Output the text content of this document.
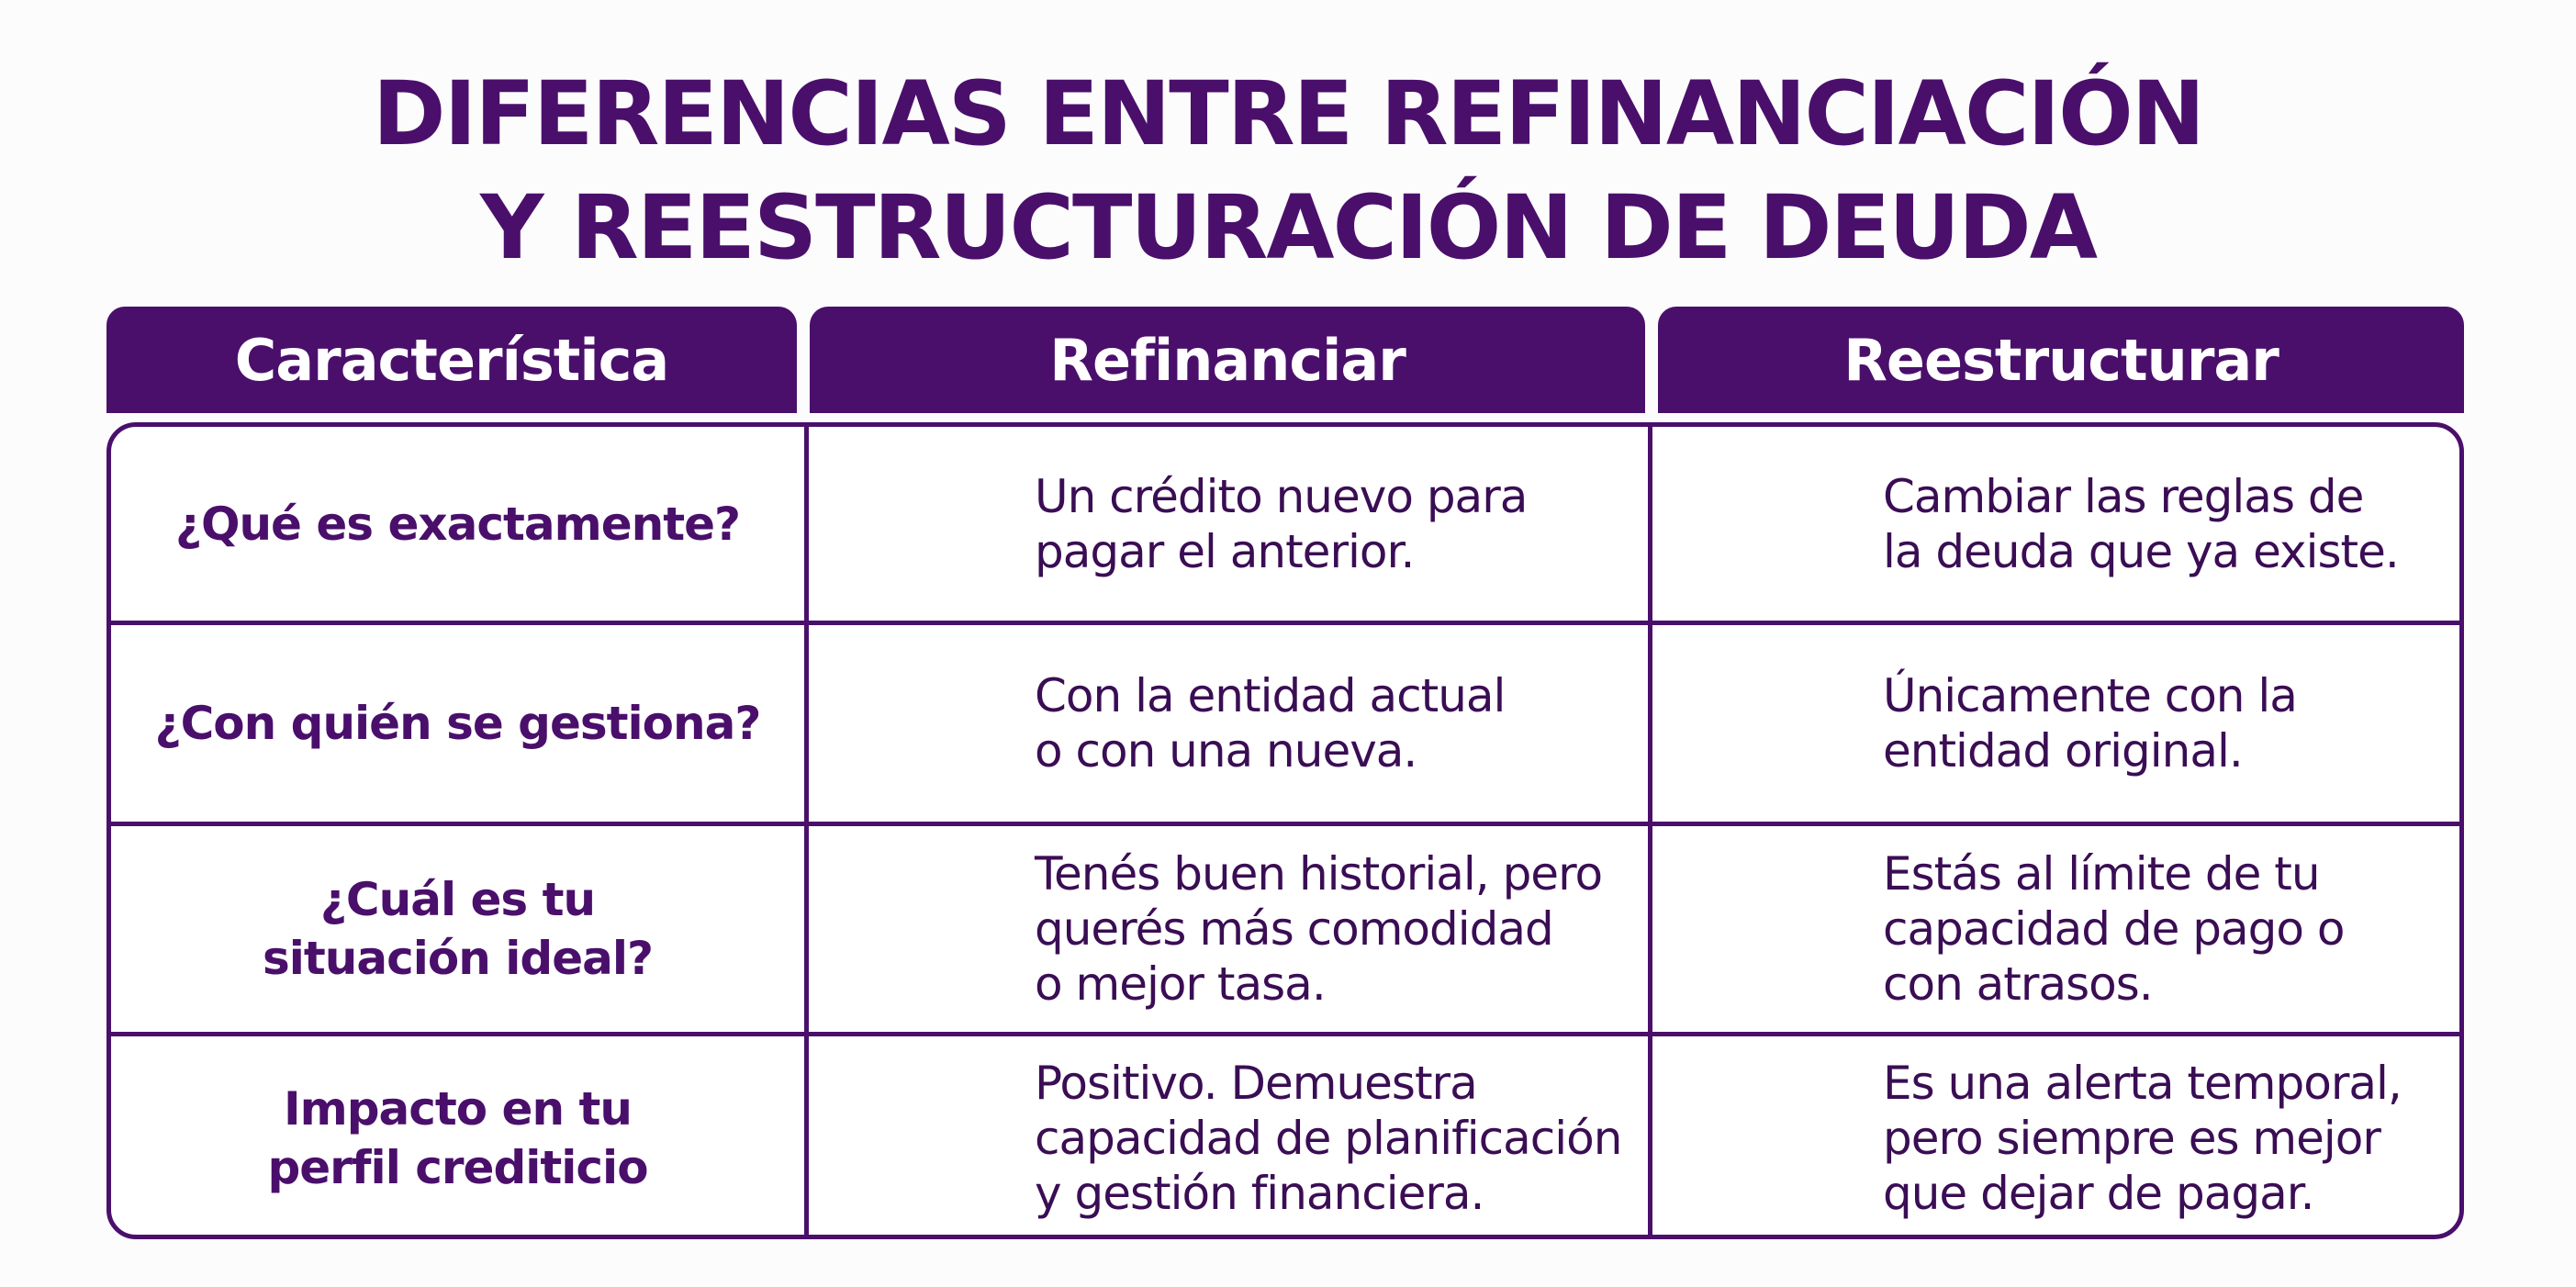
DIFERENCIAS ENTRE REFINANCIACIÓN
Y REESTRUCTURACIÓN DE DEUDA
Característica	Refinanciar	Reestructurar
¿Qué es exactamente?
Un crédito nuevo para
pagar el anterior.
Cambiar las reglas de
la deuda que ya existe.
¿Con quién se gestiona?
Con la entidad actual
o con una nueva.
Únicamente con la
entidad original.
¿Cuál es tu
situación ideal?
Tenés buen historial, pero
querés más comodidad
o mejor tasa.
Estás al límite de tu
capacidad de pago o
con atrasos.
Impacto en tu
perfil crediticio
Positivo. Demuestra
capacidad de planificación
y gestión financiera.
Es una alerta temporal,
pero siempre es mejor
que dejar de pagar.
